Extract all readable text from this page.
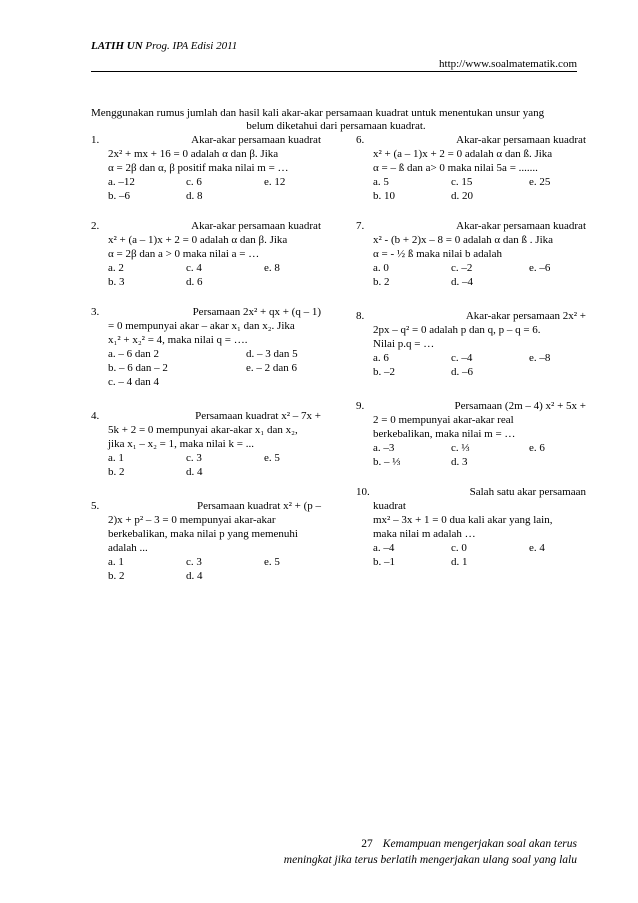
LATIH UN Prog. IPA Edisi 2011
http://www.soalmatematik.com
Menggunakan rumus jumlah dan hasil kali akar-akar persamaan kuadrat untuk menentukan unsur yang
belum diketahui dari persamaan kuadrat.
1.	Akar-akar persamaan kuadrat
2x² + mx + 16 = 0 adalah α dan β. Jika
α = 2β dan α, β positif maka nilai m = …
a. –12	c. 6	e. 12
b. –6	d. 8
2.	Akar-akar persamaan kuadrat
x² + (a – 1)x + 2 = 0 adalah α dan β. Jika
α = 2β dan a > 0 maka nilai a = …
a. 2	c. 4	e. 8
b. 3	d. 6
3.	Persamaan 2x² + qx + (q – 1)
= 0 mempunyai akar – akar x₁ dan x₂. Jika
x₁² + x₂² = 4, maka nilai q = ….
a. – 6 dan 2	d. – 3 dan 5
b. – 6 dan – 2	e. – 2 dan 6
c. – 4 dan 4
4.	Persamaan kuadrat x² – 7x +
5k + 2 = 0 mempunyai akar-akar x₁ dan x₂,
jika x₁ – x₂ = 1, maka nilai k = ...
a. 1	c. 3	e. 5
b. 2	d. 4
5.	Persamaan kuadrat x² + (p –
2)x + p² – 3 = 0 mempunyai akar-akar
berkebalikan, maka nilai p yang memenuhi
adalah ...
a. 1	c. 3	e. 5
b. 2	d. 4
6.	Akar-akar persamaan kuadrat
x² + (a – 1)x + 2 = 0 adalah α dan ß. Jika
α = – ß dan a> 0 maka nilai 5a = .......
a. 5	c. 15	e. 25
b. 10	d. 20
7.	Akar-akar persamaan kuadrat
x² - (b + 2)x – 8 = 0 adalah α dan ß . Jika
α = - ½ ß maka nilai b adalah
a. 0	c. –2	e. –6
b. 2	d. –4
8.	Akar-akar persamaan 2x² +
2px – q² = 0 adalah p dan q, p – q = 6.
Nilai p.q = …
a. 6	c. –4	e. –8
b. –2	d. –6
9.	Persamaan (2m – 4) x² + 5x +
2 = 0 mempunyai akar-akar real
berkebalikan, maka nilai m = …
a. –3	c. ⅓	e. 6
b. – ⅓	d. 3
10.	Salah satu akar persamaan
kuadrat
mx² – 3x + 1 = 0 dua kali akar yang lain,
maka nilai m adalah …
a. –4	c. 0	e. 4
b. –1	d. 1
27 Kemampuan mengerjakan soal akan terus
meningkat jika terus berlatih mengerjakan ulang soal yang lalu
